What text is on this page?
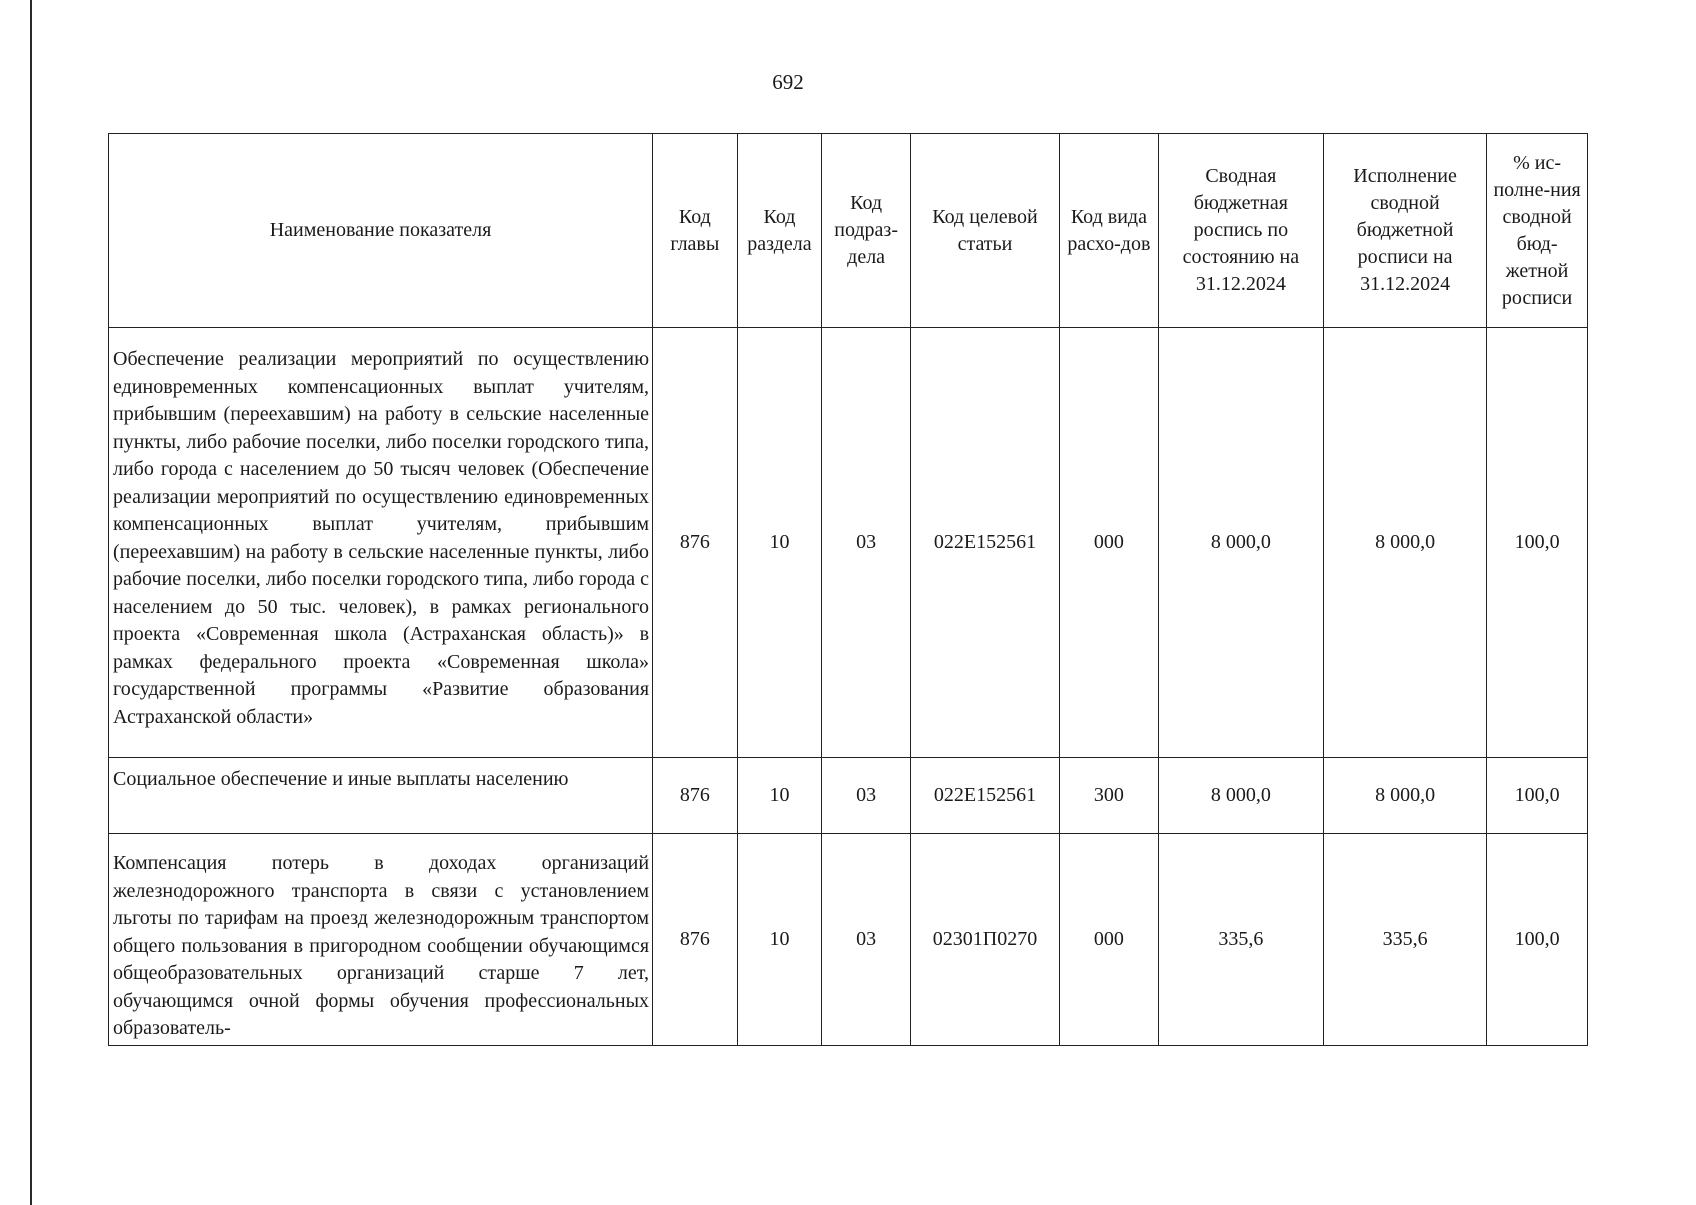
692
Наименование показателя	Код главы	Код раздела	Код подраз-дела	Код целевой статьи	Код вида расхо-дов	Сводная бюджетная роспись по состоянию на 31.12.2024	Исполнение сводной бюджетной росписи на 31.12.2024	% ис-полне-ния сводной бюд-жетной росписи
Обеспечение реализации мероприятий по осуществлению единовременных компенсационных выплат учителям, прибывшим (переехавшим) на работу в сельские населенные пункты, либо рабочие поселки, либо поселки городского типа, либо города с населением до 50 тысяч человек (Обеспечение реализации мероприятий по осуществлению единовременных компенсационных выплат учителям, прибывшим (переехавшим) на работу в сельские населенные пункты, либо рабочие поселки, либо поселки городского типа, либо города с населением до 50 тыс. человек), в рамках регионального проекта «Современная школа (Астраханская область)» в рамках федерального проекта «Современная школа» государственной программы «Развитие образования Астраханской области»	876	10	03	022E152561	000	8 000,0	8 000,0	100,0
Социальное обеспечение и иные выплаты населению	876	10	03	022E152561	300	8 000,0	8 000,0	100,0
Компенсация потерь в доходах организаций железнодорожного транспорта в связи с установлением льготы по тарифам на проезд железнодорожным транспортом общего пользования в пригородном сообщении обучающимся общеобразовательных организаций старше 7 лет, обучающимся очной формы обучения профессиональных образователь-	876	10	03	02301П0270	000	335,6	335,6	100,0
